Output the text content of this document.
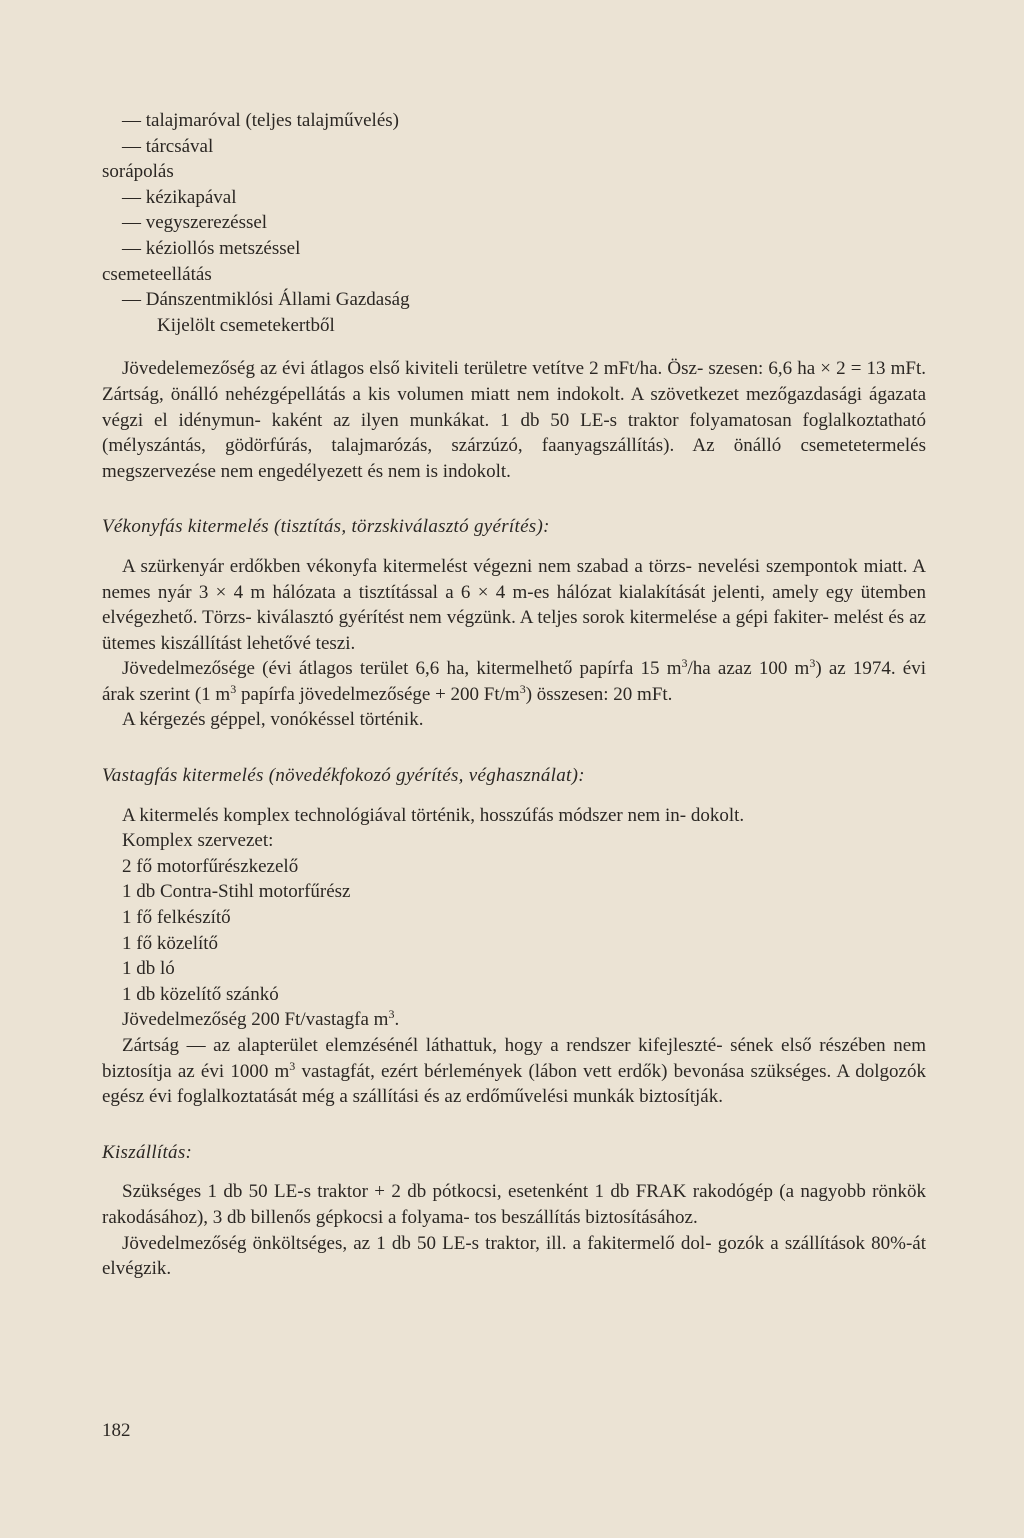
— talajmaróval (teljes talajművelés)
— tárcsával
sorápolás
— kézikapával
— vegyszerezéssel
— kéziollós metszéssel
csemeteellátás
— Dánszentmiklósi Állami Gazdaság
Kijelölt csemetekertből
Jövedelemezőség az évi átlagos első kiviteli területre vetítve 2 mFt/ha. Ösz- szesen: 6,6 ha × 2 = 13 mFt. Zártság, önálló nehézgépellátás a kis volumen miatt nem indokolt. A szövetkezet mezőgazdasági ágazata végzi el idénymun- kaként az ilyen munkákat. 1 db 50 LE-s traktor folyamatosan foglalkoztatható (mélyszántás, gödörfúrás, talajmarózás, szárzúzó, faanyagszállítás). Az önálló csemetetermelés megszervezése nem engedélyezett és nem is indokolt.
Vékonyfás kitermelés (tisztítás, törzskiválasztó gyérítés):
A szürkenyár erdőkben vékonyfa kitermelést végezni nem szabad a törzs- nevelési szempontok miatt. A nemes nyár 3 × 4 m hálózata a tisztítással a 6 × 4 m-es hálózat kialakítását jelenti, amely egy ütemben elvégezhető. Törzs- kiválasztó gyérítést nem végzünk. A teljes sorok kitermelése a gépi fakiter- melést és az ütemes kiszállítást lehetővé teszi.
Jövedelmezősége (évi átlagos terület 6,6 ha, kitermelhető papírfa 15 $m^3/ha$ azaz 100 $m^3$) az 1974. évi árak szerint (1 $m^3$ papírfa jövedelmezősége + 200 $Ft/m^3$) összesen: 20 mFt.
A kérgezés géppel, vonókéssel történik.
Vastagfás kitermelés (növedékfokozó gyérítés, véghasználat):
A kitermelés komplex technológiával történik, hosszúfás módszer nem in- dokolt.
Komplex szervezet:
2 fő motorfűrészkezelő
1 db Contra-Stihl motorfűrész
1 fő felkészítő
1 fő közelítő
1 db ló
1 db közelítő szánkó
Jövedelmezőség 200 Ft/vastagfa $m^3$.
Zártság — az alapterület elemzésénél láthattuk, hogy a rendszer kifejleszté- sének első részében nem biztosítja az évi 1000 $m^3$ vastagfát, ezért bérlemények (lábon vett erdők) bevonása szükséges. A dolgozók egész évi foglalkoztatását még a szállítási és az erdőművelési munkák biztosítják.
Kiszállítás:
Szükséges 1 db 50 LE-s traktor + 2 db pótkocsi, esetenként 1 db FRAK rakodógép (a nagyobb rönkök rakodásához), 3 db billenős gépkocsi a folyama- tos beszállítás biztosításához.
Jövedelmezőség önköltséges, az 1 db 50 LE-s traktor, ill. a fakitermelő dol- gozók a szállítások 80%-át elvégzik.
182
